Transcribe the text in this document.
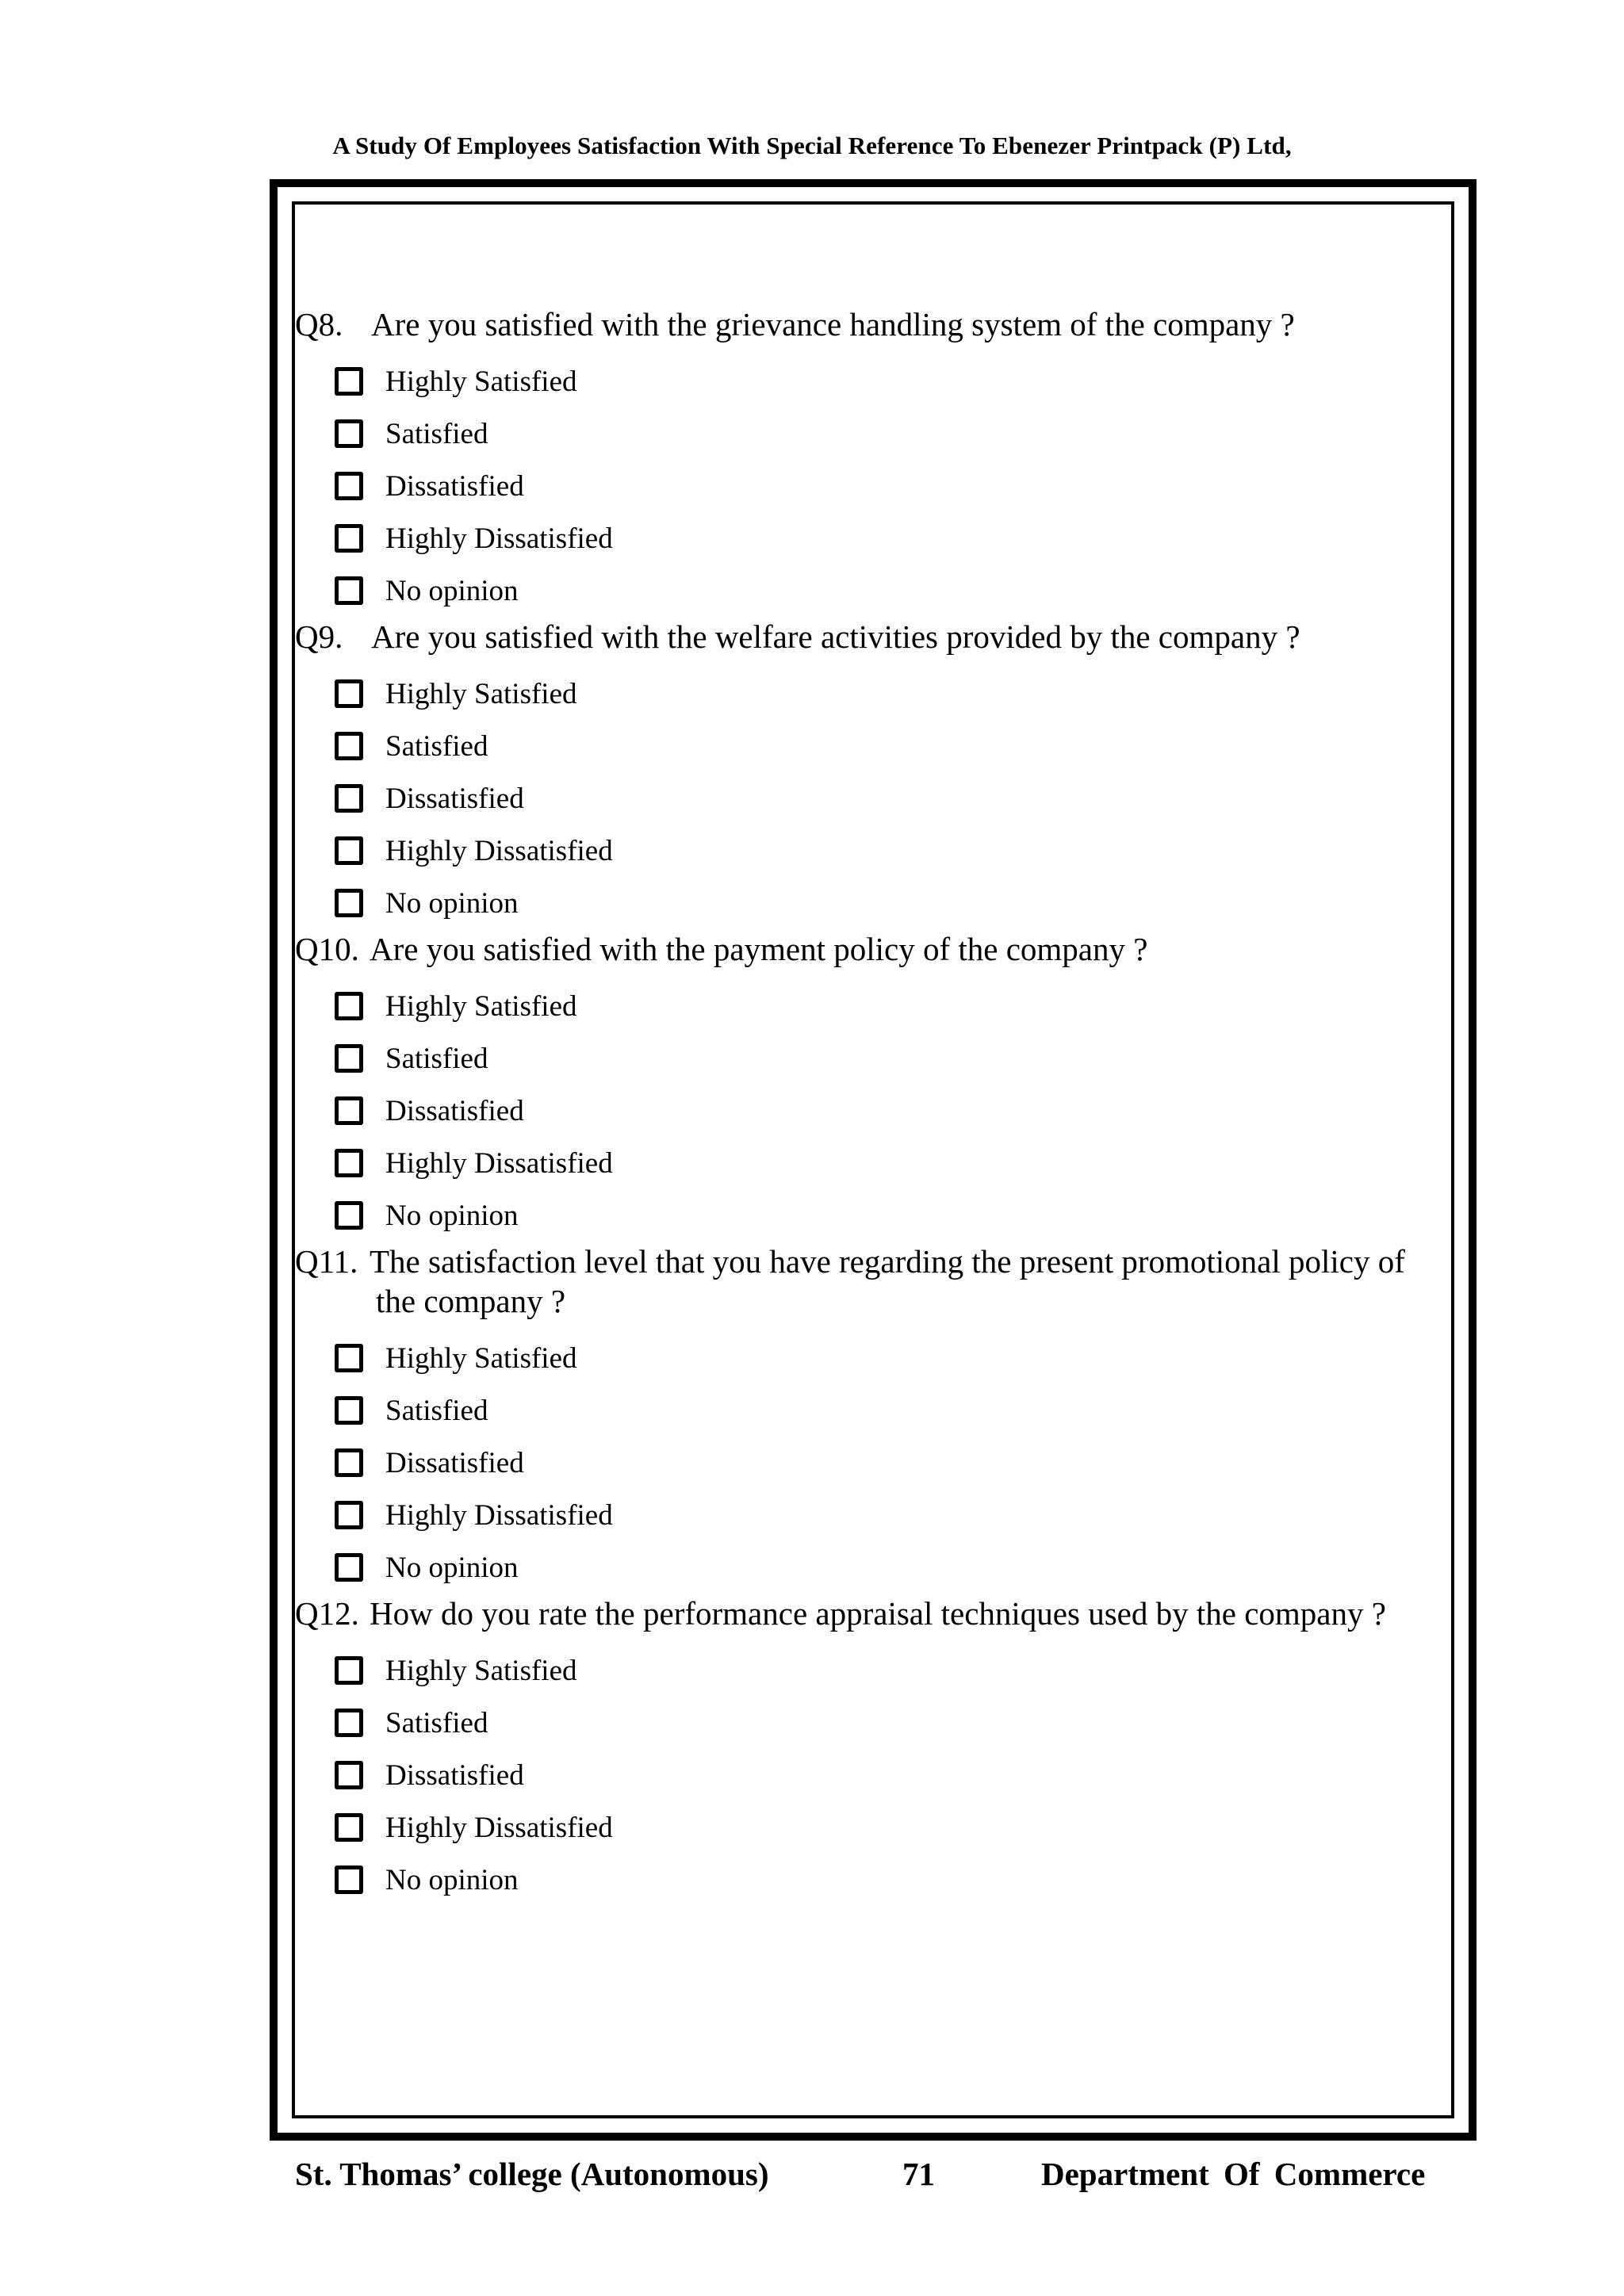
A Study Of Employees Satisfaction With Special Reference To Ebenezer Printpack (P) Ltd,
Q8. Are you satisfied with the grievance handling system of the company ?
Highly Satisfied
Satisfied
Dissatisfied
Highly Dissatisfied
No opinion
Q9. Are you satisfied with the welfare activities provided by the company ?
Highly Satisfied
Satisfied
Dissatisfied
Highly Dissatisfied
No opinion
Q10. Are you satisfied with the payment policy of the company ?
Highly Satisfied
Satisfied
Dissatisfied
Highly Dissatisfied
No opinion
Q11. The satisfaction level that you have regarding the present promotional policy of
the company ?
Highly Satisfied
Satisfied
Dissatisfied
Highly Dissatisfied
No opinion
Q12. How do you rate the performance appraisal techniques used by the company ?
Highly Satisfied
Satisfied
Dissatisfied
Highly Dissatisfied
No opinion
St. Thomas’ college (Autonomous)	71	Department Of Commerce
